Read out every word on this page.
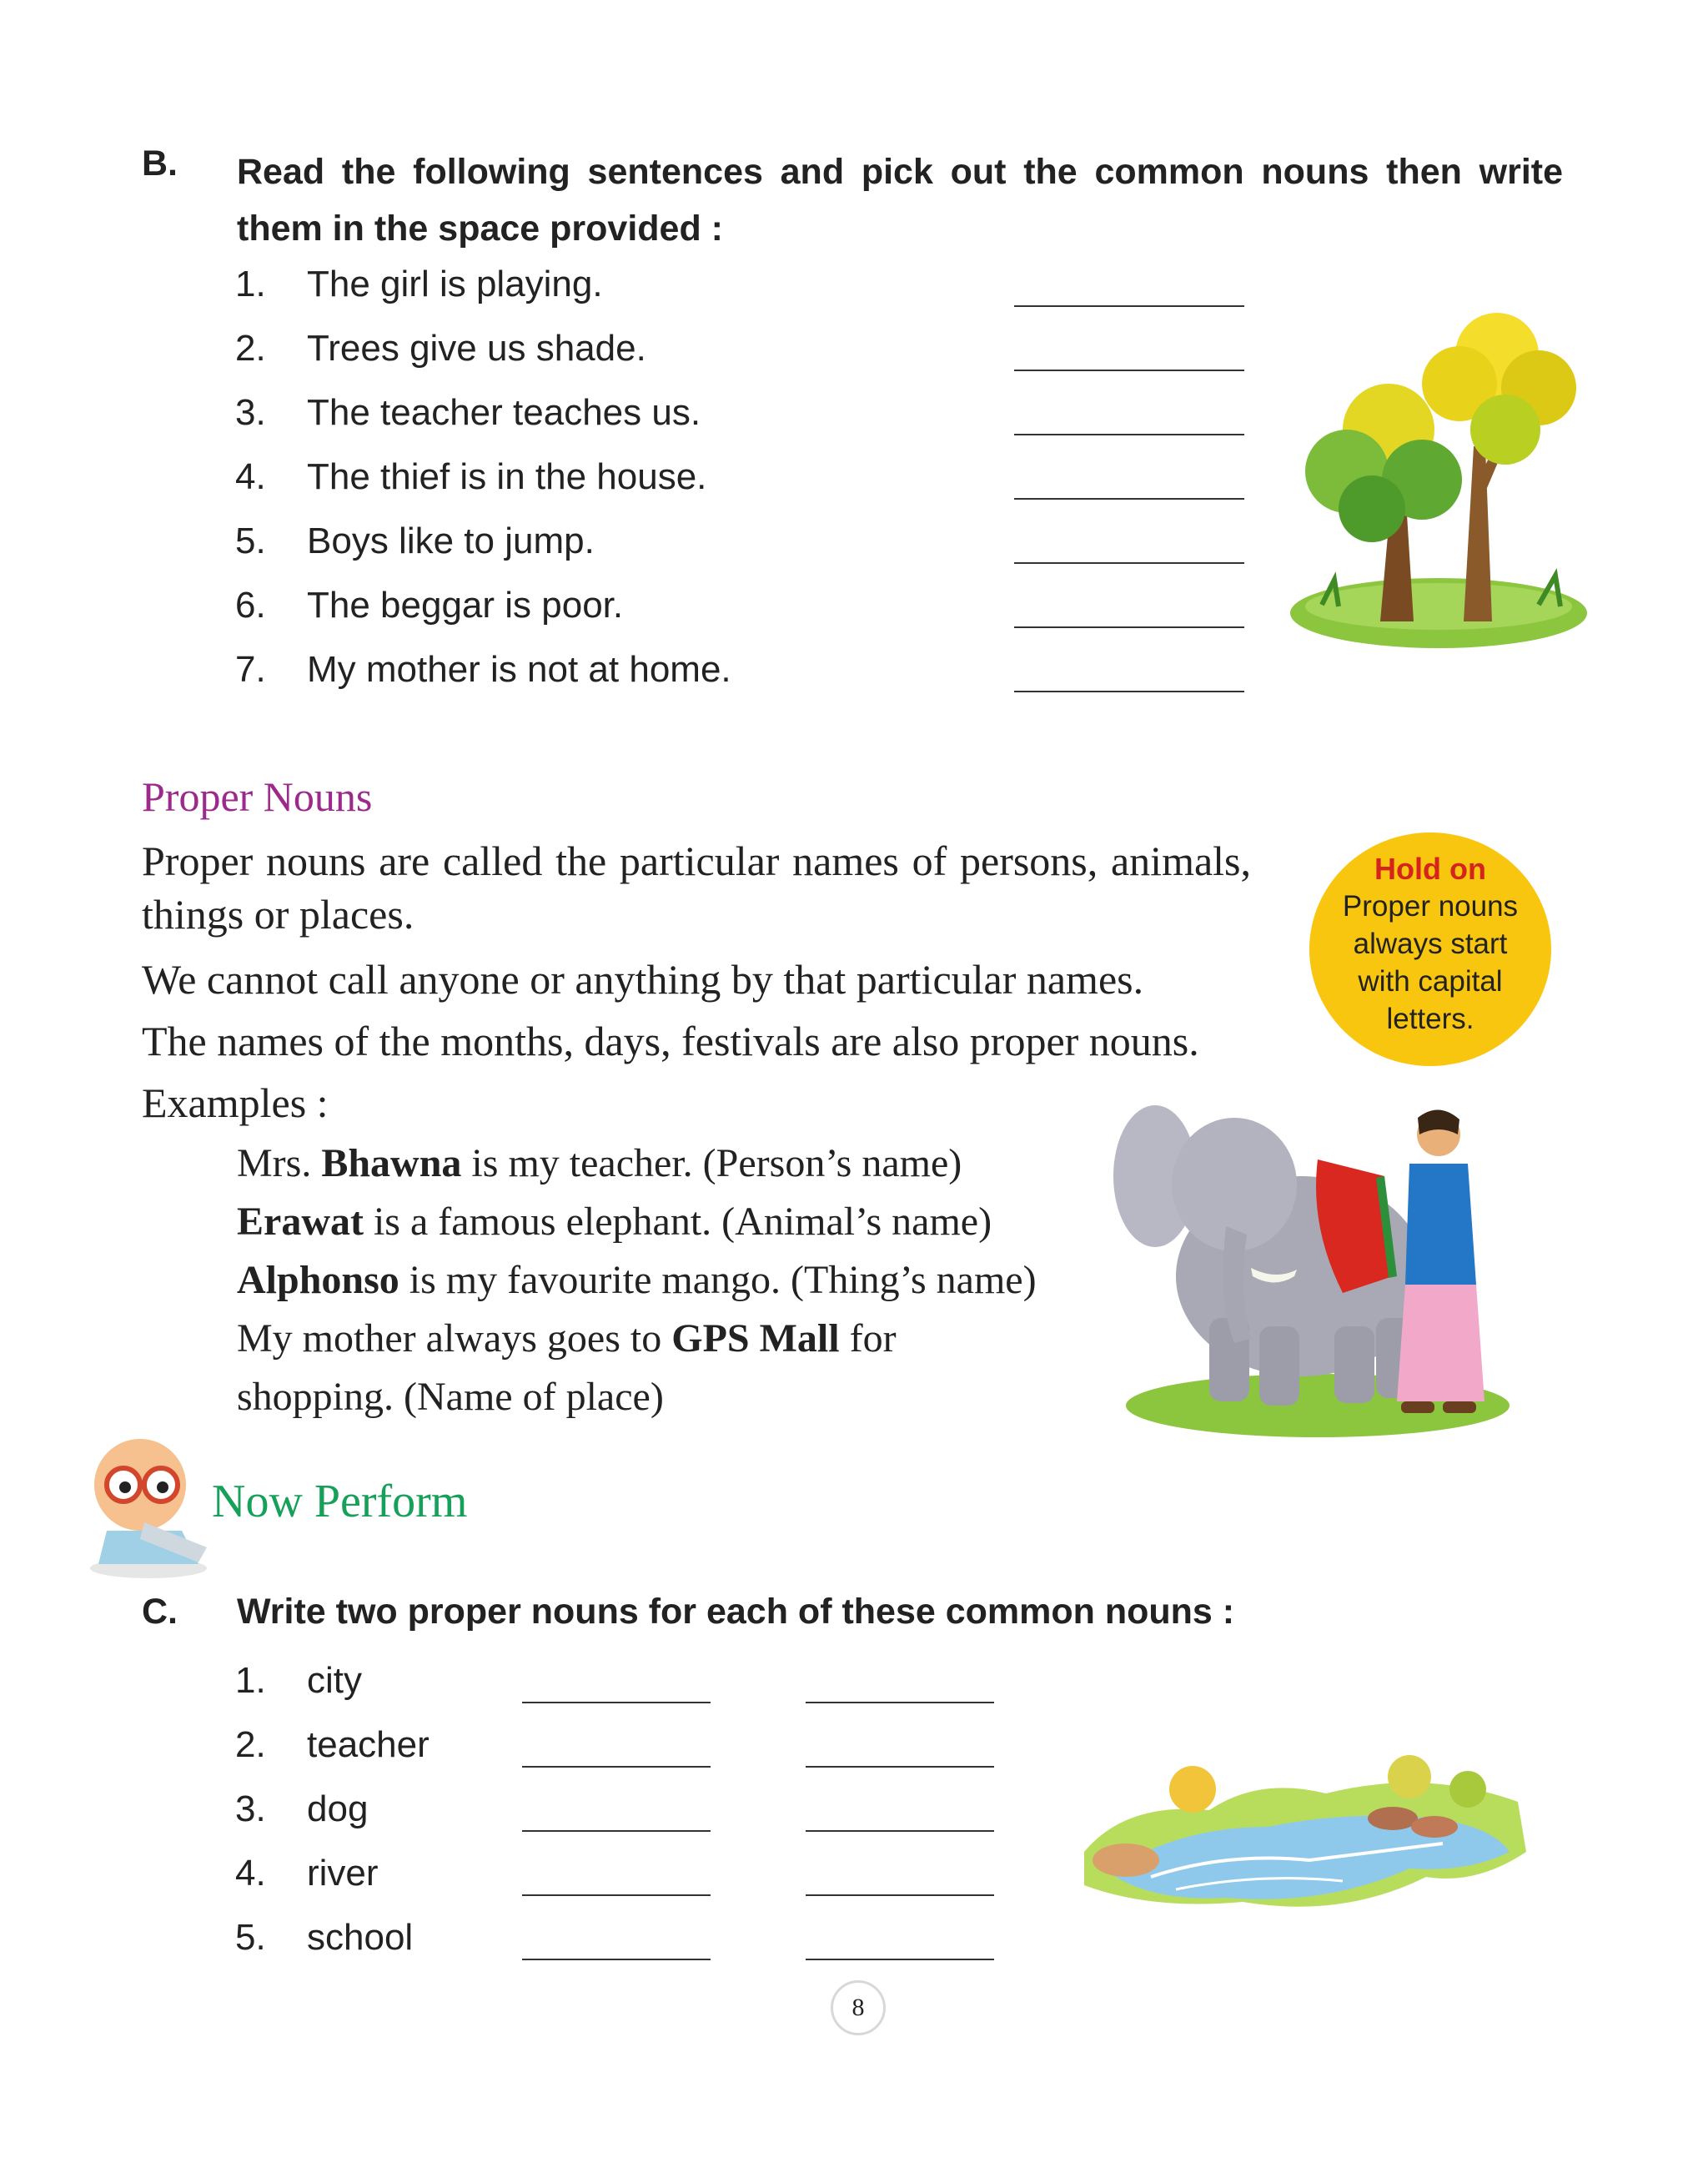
B. Read the following sentences and pick out the common nouns then write them in the space provided :
1. The girl is playing.
2. Trees give us shade.
3. The teacher teaches us.
4. The thief is in the house.
5. Boys like to jump.
6. The beggar is poor.
7. My mother is not at home.
Proper Nouns
Proper nouns are called the particular names of persons, animals, things or places.
We cannot call anyone or anything by that particular names.
The names of the months, days, festivals are also proper nouns.
Examples :
Mrs. Bhawna is my teacher. (Person’s name)
Erawat is a famous elephant. (Animal’s name)
Alphonso is my favourite mango. (Thing’s name)
My mother always goes to GPS Mall for
shopping. (Name of place)
Hold on
Proper nouns
always start
with capital
letters.
Now Perform
C. Write two proper nouns for each of these common nouns :
1. city
2. teacher
3. dog
4. river
5. school
8
